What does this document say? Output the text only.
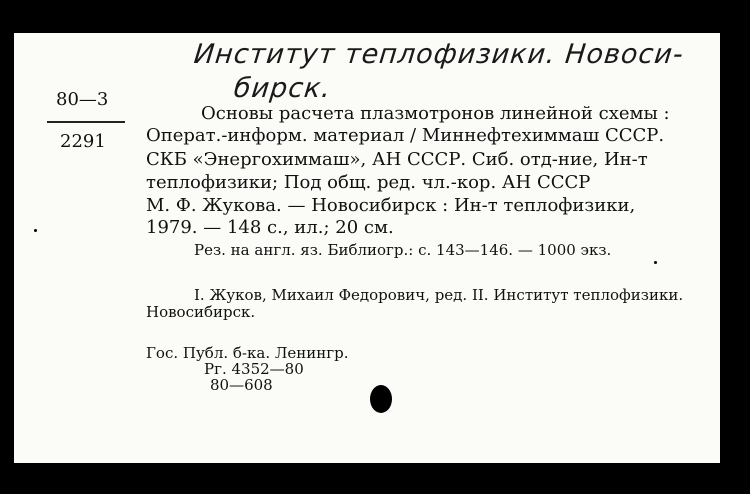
Институт теплофизики. Новоси-
бирск.
80—3
2291
Основы расчета плазмотронов линейной схемы :
Операт.-информ. материал / Миннефтехиммаш СССР.
СКБ «Энергохиммаш», АН СССР. Сиб. отд-ние, Ин-т
теплофизики; Под общ. ред. чл.-кор. АН СССР
М. Ф. Жукова. — Новосибирск : Ин-т теплофизики,
1979. — 148 с., ил.; 20 см.
Рез. на англ. яз. Библиогр.: с. 143—146. — 1000 экз.
I. Жуков, Михаил Федорович, ред. II. Институт теплофизики.
Новосибирск.
Гос. Публ. б-ка. Ленингр.
Рг. 4352—80
80—608
